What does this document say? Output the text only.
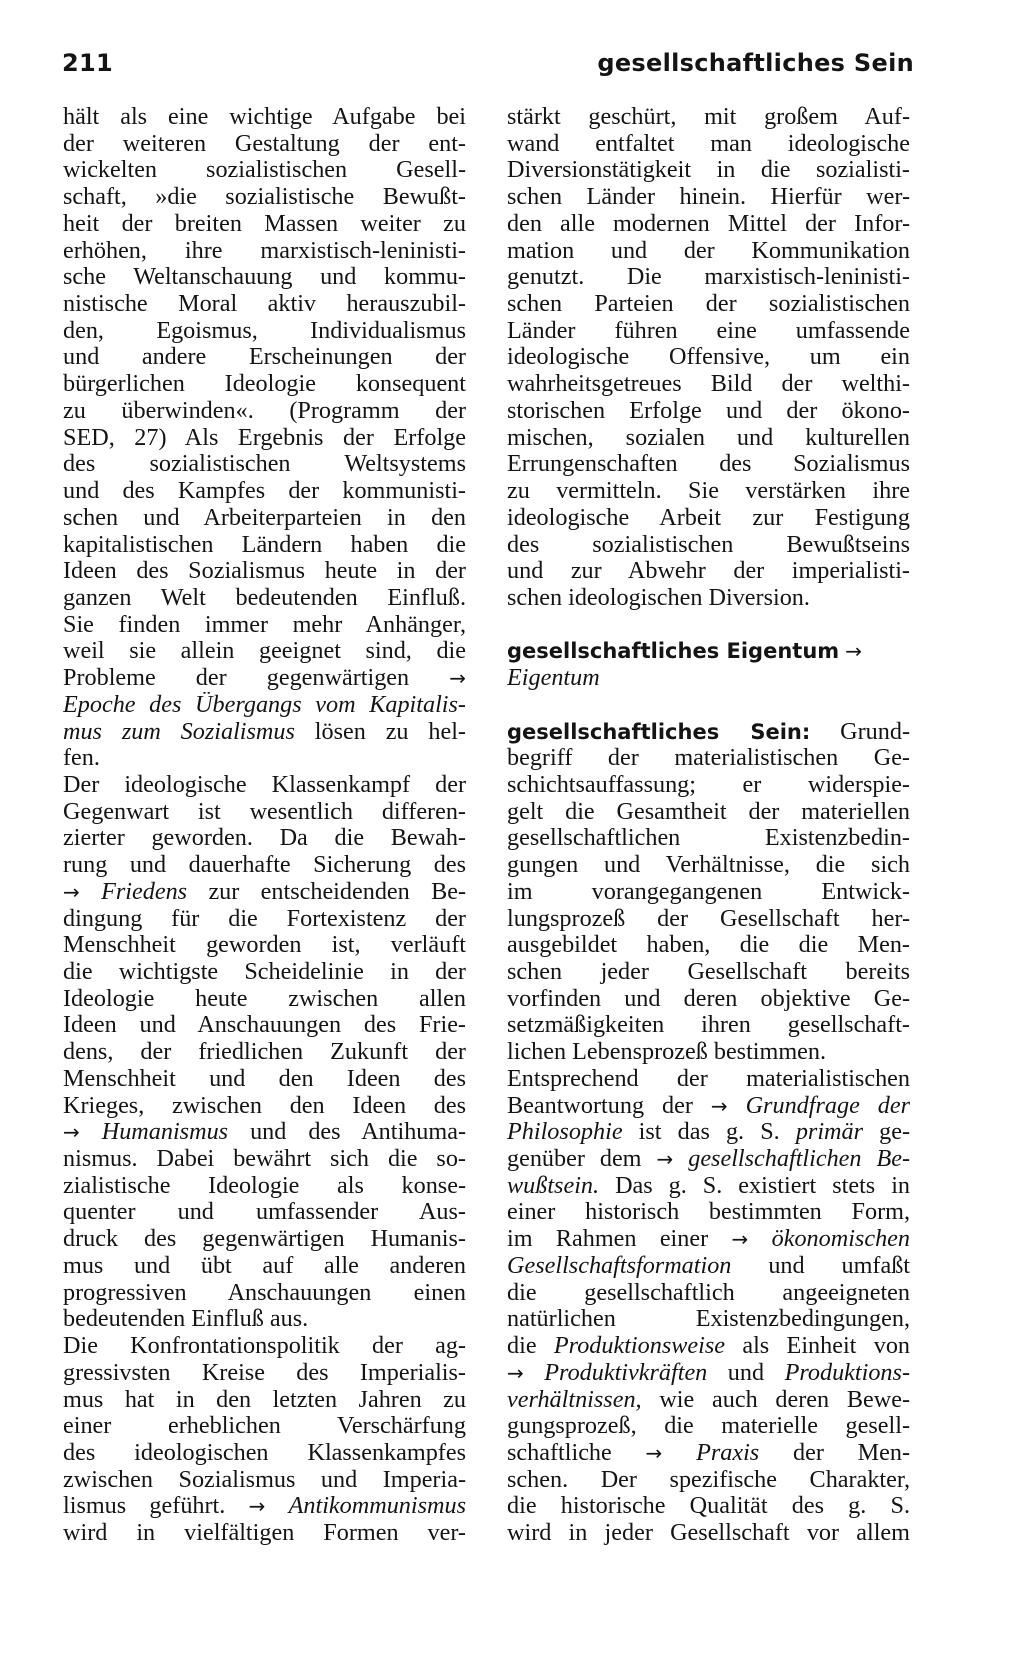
211	gesellschaftliches Sein
hält als eine wichtige Aufgabe bei
der weiteren Gestaltung der ent-
wickelten sozialistischen Gesell-
schaft, »die sozialistische Bewußt-
heit der breiten Massen weiter zu
erhöhen, ihre marxistisch-leninisti-
sche Weltanschauung und kommu-
nistische Moral aktiv herauszubil-
den, Egoismus, Individualismus
und andere Erscheinungen der
bürgerlichen Ideologie konsequent
zu überwinden«. (Programm der
SED, 27) Als Ergebnis der Erfolge
des sozialistischen Weltsystems
und des Kampfes der kommunisti-
schen und Arbeiterparteien in den
kapitalistischen Ländern haben die
Ideen des Sozialismus heute in der
ganzen Welt bedeutenden Einfluß.
Sie finden immer mehr Anhänger,
weil sie allein geeignet sind, die
Probleme der gegenwärtigen →
Epoche des Übergangs vom Kapitalis-
mus zum Sozialismus lösen zu hel-
fen.
Der ideologische Klassenkampf der
Gegenwart ist wesentlich differen-
zierter geworden. Da die Bewah-
rung und dauerhafte Sicherung des
→ Friedens zur entscheidenden Be-
dingung für die Fortexistenz der
Menschheit geworden ist, verläuft
die wichtigste Scheidelinie in der
Ideologie heute zwischen allen
Ideen und Anschauungen des Frie-
dens, der friedlichen Zukunft der
Menschheit und den Ideen des
Krieges, zwischen den Ideen des
→ Humanismus und des Antihuma-
nismus. Dabei bewährt sich die so-
zialistische Ideologie als konse-
quenter und umfassender Aus-
druck des gegenwärtigen Humanis-
mus und übt auf alle anderen
progressiven Anschauungen einen
bedeutenden Einfluß aus.
Die Konfrontationspolitik der ag-
gressivsten Kreise des Imperialis-
mus hat in den letzten Jahren zu
einer erheblichen Verschärfung
des ideologischen Klassenkampfes
zwischen Sozialismus und Imperia-
lismus geführt. → Antikommunismus
wird in vielfältigen Formen ver-
stärkt geschürt, mit großem Auf-
wand entfaltet man ideologische
Diversionstätigkeit in die sozialisti-
schen Länder hinein. Hierfür wer-
den alle modernen Mittel der Infor-
mation und der Kommunikation
genutzt. Die marxistisch-leninisti-
schen Parteien der sozialistischen
Länder führen eine umfassende
ideologische Offensive, um ein
wahrheitsgetreues Bild der welthi-
storischen Erfolge und der ökono-
mischen, sozialen und kulturellen
Errungenschaften des Sozialismus
zu vermitteln. Sie verstärken ihre
ideologische Arbeit zur Festigung
des sozialistischen Bewußtseins
und zur Abwehr der imperialisti-
schen ideologischen Diversion.
gesellschaftliches Eigentum →
Eigentum
gesellschaftliches Sein: Grund-
begriff der materialistischen Ge-
schichtsauffassung; er widerspie-
gelt die Gesamtheit der materiellen
gesellschaftlichen Existenzbedin-
gungen und Verhältnisse, die sich
im vorangegangenen Entwick-
lungsprozeß der Gesellschaft her-
ausgebildet haben, die die Men-
schen jeder Gesellschaft bereits
vorfinden und deren objektive Ge-
setzmäßigkeiten ihren gesellschaft-
lichen Lebensprozeß bestimmen.
Entsprechend der materialistischen
Beantwortung der → Grundfrage der
Philosophie ist das g. S. primär ge-
genüber dem → gesellschaftlichen Be-
wußtsein. Das g. S. existiert stets in
einer historisch bestimmten Form,
im Rahmen einer → ökonomischen
Gesellschaftsformation und umfaßt
die gesellschaftlich angeeigneten
natürlichen Existenzbedingungen,
die Produktionsweise als Einheit von
→ Produktivkräften und Produktions-
verhältnissen, wie auch deren Bewe-
gungsprozeß, die materielle gesell-
schaftliche → Praxis der Men-
schen. Der spezifische Charakter,
die historische Qualität des g. S.
wird in jeder Gesellschaft vor allem
